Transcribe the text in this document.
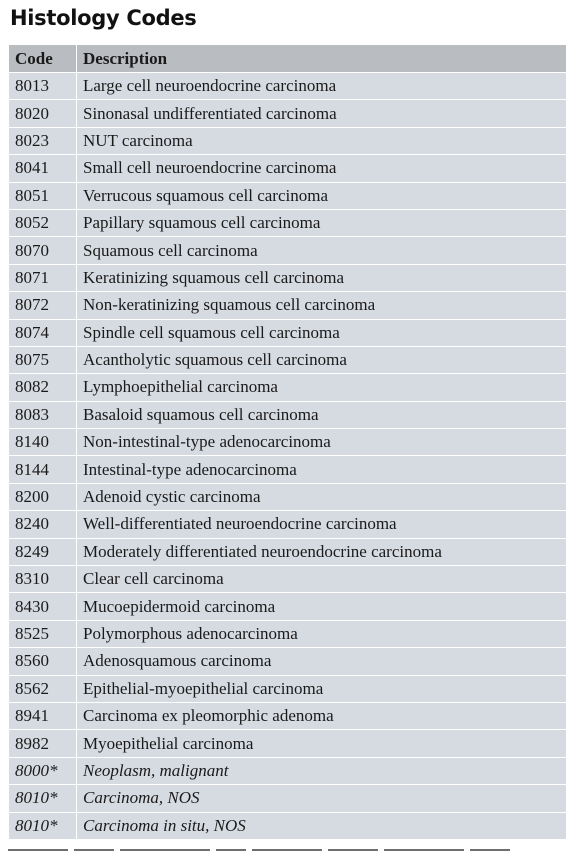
Histology Codes
Code	Description
8013	Large cell neuroendocrine carcinoma
8020	Sinonasal undifferentiated carcinoma
8023	NUT carcinoma
8041	Small cell neuroendocrine carcinoma
8051	Verrucous squamous cell carcinoma
8052	Papillary squamous cell carcinoma
8070	Squamous cell carcinoma
8071	Keratinizing squamous cell carcinoma
8072	Non-keratinizing squamous cell carcinoma
8074	Spindle cell squamous cell carcinoma
8075	Acantholytic squamous cell carcinoma
8082	Lymphoepithelial carcinoma
8083	Basaloid squamous cell carcinoma
8140	Non-intestinal-type adenocarcinoma
8144	Intestinal-type adenocarcinoma
8200	Adenoid cystic carcinoma
8240	Well-differentiated neuroendocrine carcinoma
8249	Moderately differentiated neuroendocrine carcinoma
8310	Clear cell carcinoma
8430	Mucoepidermoid carcinoma
8525	Polymorphous adenocarcinoma
8560	Adenosquamous carcinoma
8562	Epithelial-myoepithelial carcinoma
8941	Carcinoma ex pleomorphic adenoma
8982	Myoepithelial carcinoma
8000*	Neoplasm, malignant
8010*	Carcinoma, NOS
8010*	Carcinoma in situ, NOS
